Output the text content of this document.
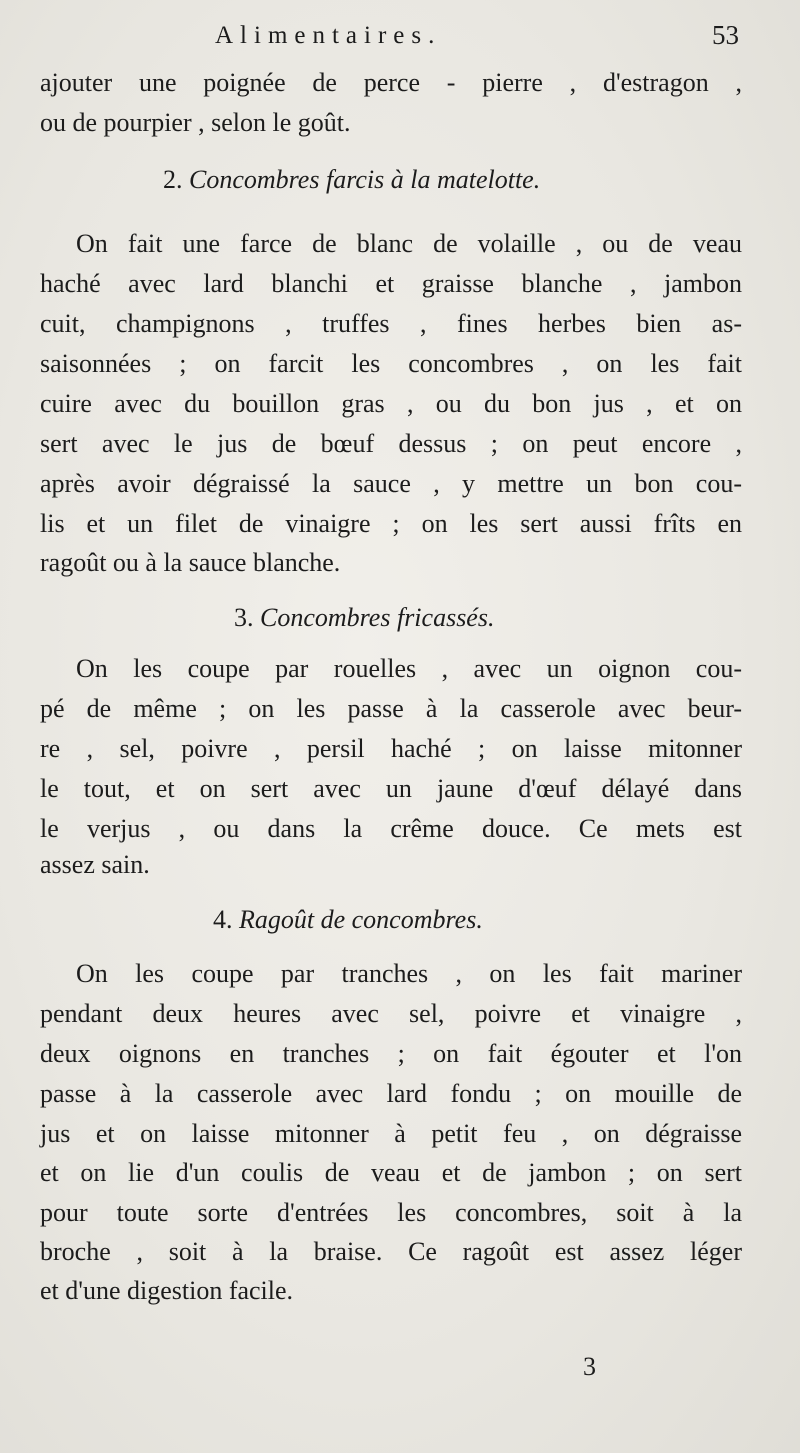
Alimentaires.	53
ajouter une poignée de perce - pierre , d'estragon ,
ou de pourpier , selon le goût.
2. Concombres farcis à la matelotte.
On fait une farce de blanc de volaille , ou de veau
haché avec lard blanchi et graisse blanche , jambon
cuit, champignons , truffes , fines herbes bien as-
saisonnées ; on farcit les concombres , on les fait
cuire avec du bouillon gras , ou du bon jus , et on
sert avec le jus de bœuf dessus ; on peut encore ,
après avoir dégraissé la sauce , y mettre un bon cou-
lis et un filet de vinaigre ; on les sert aussi frîts en
ragoût ou à la sauce blanche.
3. Concombres fricassés.
On les coupe par rouelles , avec un oignon cou-
pé de même ; on les passe à la casserole avec beur-
re , sel, poivre , persil haché ; on laisse mitonner
le tout, et on sert avec un jaune d'œuf délayé dans
le verjus , ou dans la crême douce. Ce mets est
assez sain.
4. Ragoût de concombres.
On les coupe par tranches , on les fait mariner
pendant deux heures avec sel, poivre et vinaigre ,
deux oignons en tranches ; on fait égouter et l'on
passe à la casserole avec lard fondu ; on mouille de
jus et on laisse mitonner à petit feu , on dégraisse
et on lie d'un coulis de veau et de jambon ; on sert
pour toute sorte d'entrées les concombres, soit à la
broche , soit à la braise. Ce ragoût est assez léger
et d'une digestion facile.
3
